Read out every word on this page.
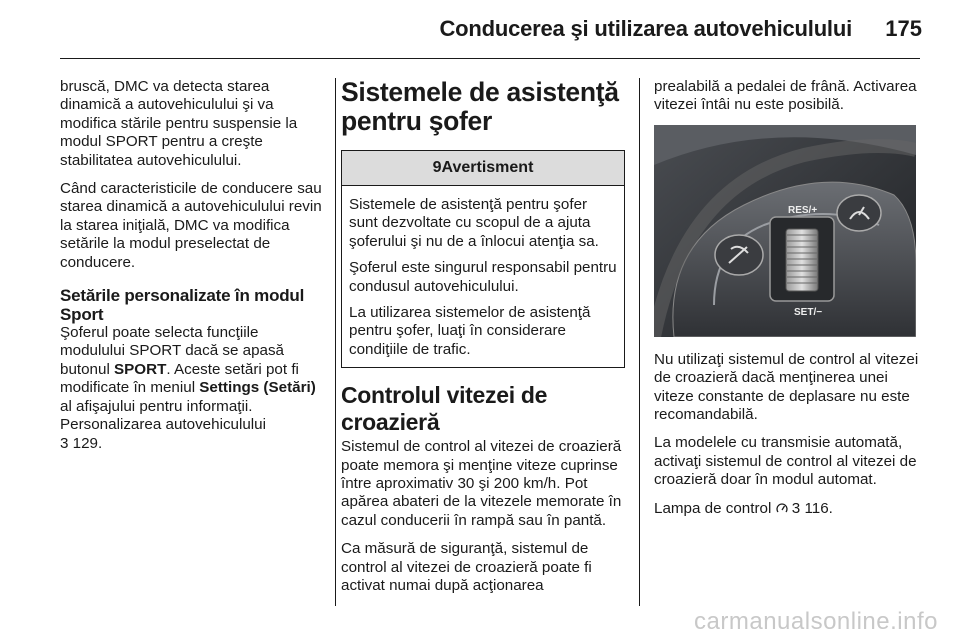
Conducerea şi utilizarea autovehiculului 175

bruscă, DMC va detecta starea dinamică a autovehiculului şi va modifica stările pentru suspensie la modul SPORT pentru a creşte stabilitatea autovehiculului.

Când caracteristicile de conducere sau starea dinamică a autovehiculului revin la starea iniţială, DMC va modifica setările la modul preselectat de conducere.

Setările personalizate în modul Sport

Şoferul poate selecta funcţiile modulului SPORT dacă se apasă butonul SPORT. Aceste setări pot fi modificate în meniul Settings (Setări) al afişajului pentru informaţii. Personalizarea autovehiculului
3 129.

Sistemele de asistenţă pentru şofer
9Avertisment

Sistemele de asistenţă pentru şofer sunt dezvoltate cu scopul de a ajuta şoferului şi nu de a înlocui atenţia sa.

Şoferul este singurul responsabil pentru condusul autovehiculului.

La utilizarea sistemelor de asistenţă pentru şofer, luaţi în considerare condiţiile de trafic.

Controlul vitezei de croazieră

Sistemul de control al vitezei de croazieră poate memora şi menţine viteze cuprinse între aproximativ 30 şi 200 km/h. Pot apărea abateri de la vitezele memorate în cazul conducerii în rampă sau în pantă.

Ca măsură de siguranţă, sistemul de control al vitezei de croazieră poate fi activat numai după acţionarea

prealabilă a pedalei de frână. Activarea vitezei întâi nu este posibilă.

RES/+
SET/−

Nu utilizaţi sistemul de control al vitezei de croazieră dacă menţinerea unei viteze constante de deplasare nu este recomandabilă.

La modelele cu transmisie automată, activaţi sistemul de control al vitezei de croazieră doar în modul automat.

Lampa de control  3 116.

carmanualsonline.info
